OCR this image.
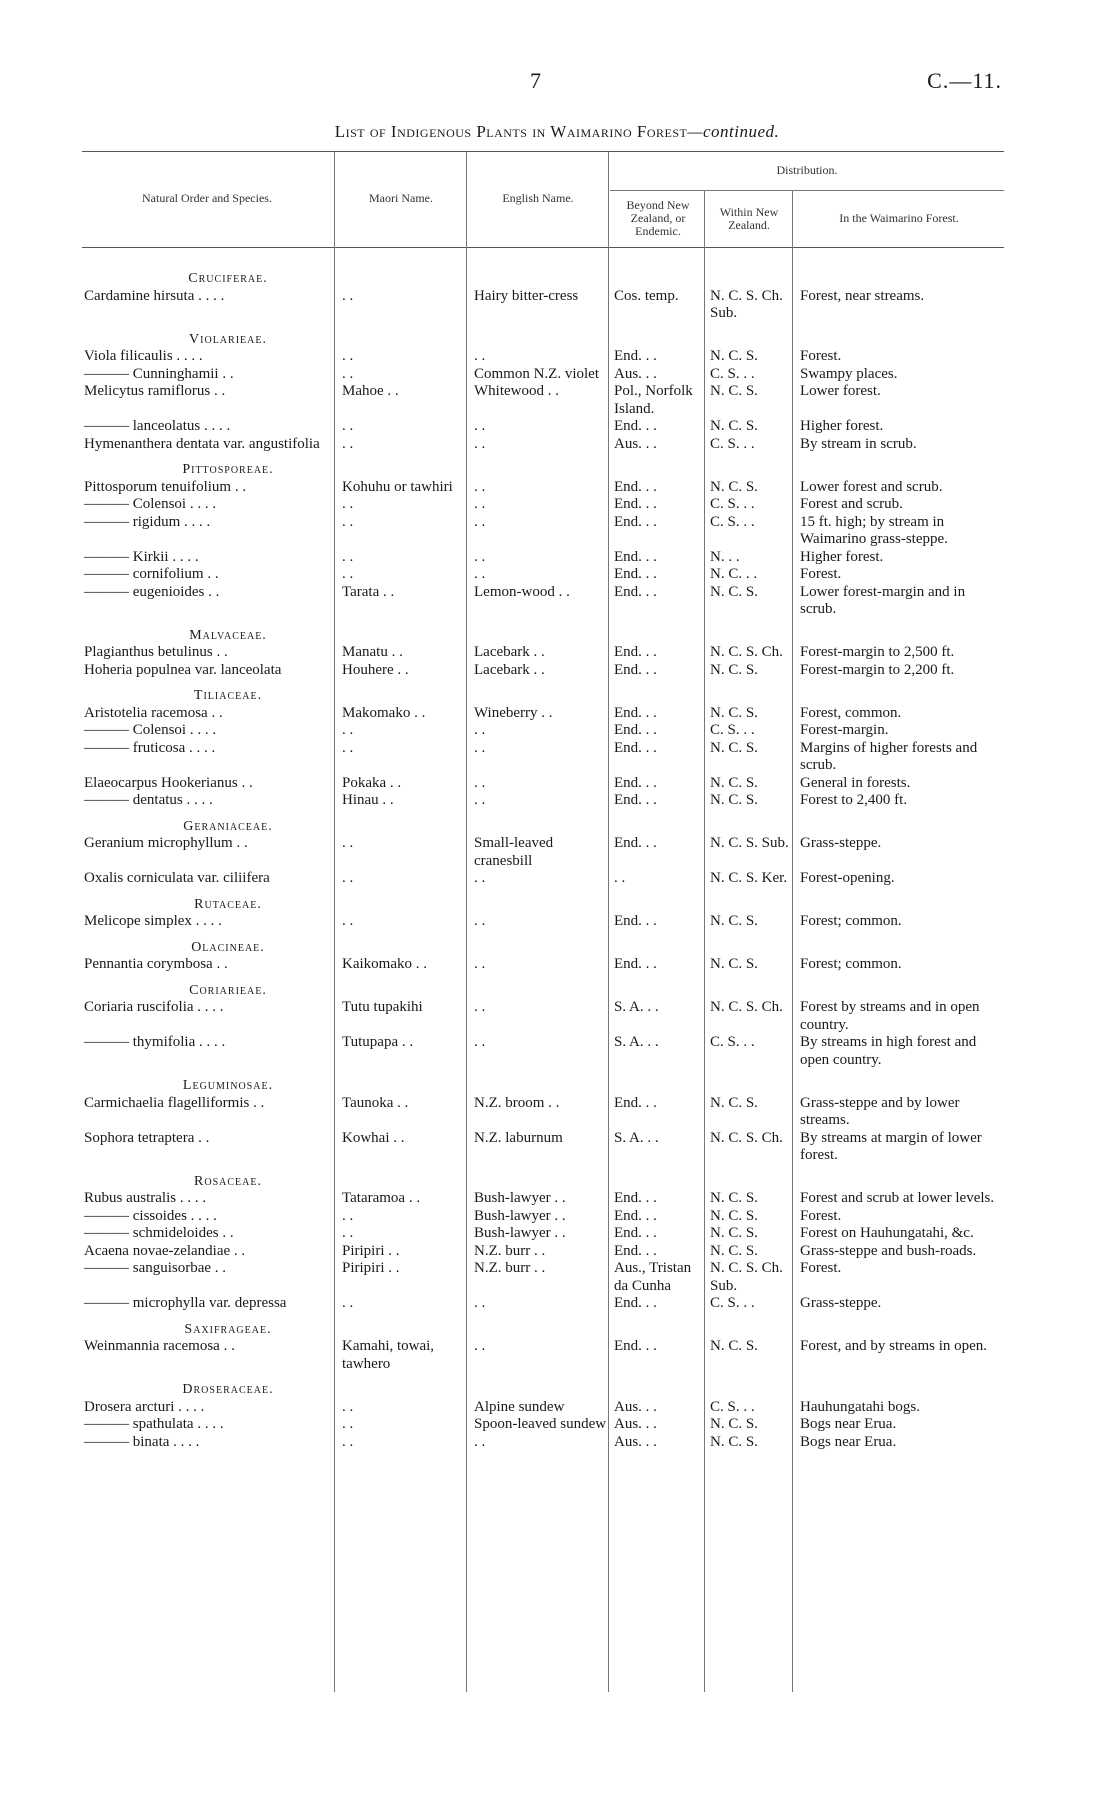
7	C.—11.
List of Indigenous Plants in Waimarino Forest—continued.
Natural Order and Species.	Maori Name.	English Name.
Distribution.
Beyond New Zealand, or Endemic.
Within New Zealand.	In the Waimarino Forest.
Cruciferae.					
Cardamine hirsuta . . . .	. .	Hairy bitter-cress	Cos. temp.	N. C. S. Ch. Sub.	Forest, near streams.
Violarieae.					
Viola filicaulis . . . .	. .	. .	End. . .	N. C. S.	Forest.
——— Cunninghamii . .	. .	Common N.Z. violet	Aus. . .	C. S. . .	Swampy places.
Melicytus ramiflorus . .	Mahoe . .	Whitewood . .	Pol., Norfolk Island.	N. C. S.	Lower forest.
——— lanceolatus . . . .	. .	. .	End. . .	N. C. S.	Higher forest.
Hymenanthera dentata var. angustifolia	. .	. .	Aus. . .	C. S. . .	By stream in scrub.
Pittosporeae.					
Pittosporum tenuifolium . .	Kohuhu or tawhiri	. .	End. . .	N. C. S.	Lower forest and scrub.
——— Colensoi . . . .	. .	. .	End. . .	C. S. . .	Forest and scrub.
——— rigidum . . . .	. .	. .	End. . .	C. S. . .	15 ft. high; by stream in Waimarino grass-steppe.
——— Kirkii . . . .	. .	. .	End. . .	N. . .	Higher forest.
——— cornifolium . .	. .	. .	End. . .	N. C. . .	Forest.
——— eugenioides . .	Tarata . .	Lemon-wood . .	End. . .	N. C. S.	Lower forest-margin and in scrub.
Malvaceae.					
Plagianthus betulinus . .	Manatu . .	Lacebark . .	End. . .	N. C. S. Ch.	Forest-margin to 2,500 ft.
Hoheria populnea var. lanceolata	Houhere . .	Lacebark . .	End. . .	N. C. S.	Forest-margin to 2,200 ft.
Tiliaceae.					
Aristotelia racemosa . .	Makomako . .	Wineberry . .	End. . .	N. C. S.	Forest, common.
——— Colensoi . . . .	. .	. .	End. . .	C. S. . .	Forest-margin.
——— fruticosa . . . .	. .	. .	End. . .	N. C. S.	Margins of higher forests and scrub.
Elaeocarpus Hookerianus . .	Pokaka . .	. .	End. . .	N. C. S.	General in forests.
——— dentatus . . . .	Hinau . .	. .	End. . .	N. C. S.	Forest to 2,400 ft.
Geraniaceae.					
Geranium microphyllum . .	. .	Small-leaved cranesbill	End. . .	N. C. S. Sub.	Grass-steppe.
Oxalis corniculata var. ciliifera	. .	. .	. .	N. C. S. Ker.	Forest-opening.
Rutaceae.					
Melicope simplex . . . .	. .	. .	End. . .	N. C. S.	Forest; common.
Olacineae.					
Pennantia corymbosa . .	Kaikomako . .	. .	End. . .	N. C. S.	Forest; common.
Coriarieae.					
Coriaria ruscifolia . . . .	Tutu tupakihi	. .	S. A. . .	N. C. S. Ch.	Forest by streams and in open country.
——— thymifolia . . . .	Tutupapa . .	. .	S. A. . .	C. S. . .	By streams in high forest and open country.
Leguminosae.					
Carmichaelia flagelliformis . .	Taunoka . .	N.Z. broom . .	End. . .	N. C. S.	Grass-steppe and by lower streams.
Sophora tetraptera . .	Kowhai . .	N.Z. laburnum	S. A. . .	N. C. S. Ch.	By streams at margin of lower forest.
Rosaceae.					
Rubus australis . . . .	Tataramoa . .	Bush-lawyer . .	End. . .	N. C. S.	Forest and scrub at lower levels.
——— cissoides . . . .	. .	Bush-lawyer . .	End. . .	N. C. S.	Forest.
——— schmideloides . .	. .	Bush-lawyer . .	End. . .	N. C. S.	Forest on Hauhungatahi, &c.
Acaena novae-zelandiae . .	Piripiri . .	N.Z. burr . .	End. . .	N. C. S.	Grass-steppe and bush-roads.
——— sanguisorbae . .	Piripiri . .	N.Z. burr . .	Aus., Tristan da Cunha	N. C. S. Ch. Sub.	Forest.
——— microphylla var. depressa	. .	. .	End. . .	C. S. . .	Grass-steppe.
Saxifrageae.					
Weinmannia racemosa . .	Kamahi, towai, tawhero	. .	End. . .	N. C. S.	Forest, and by streams in open.
Droseraceae.					
Drosera arcturi . . . .	. .	Alpine sundew	Aus. . .	C. S. . .	Hauhungatahi bogs.
——— spathulata . . . .	. .	Spoon-leaved sundew	Aus. . .	N. C. S.	Bogs near Erua.
——— binata . . . .	. .	. .	Aus. . .	N. C. S.	Bogs near Erua.
